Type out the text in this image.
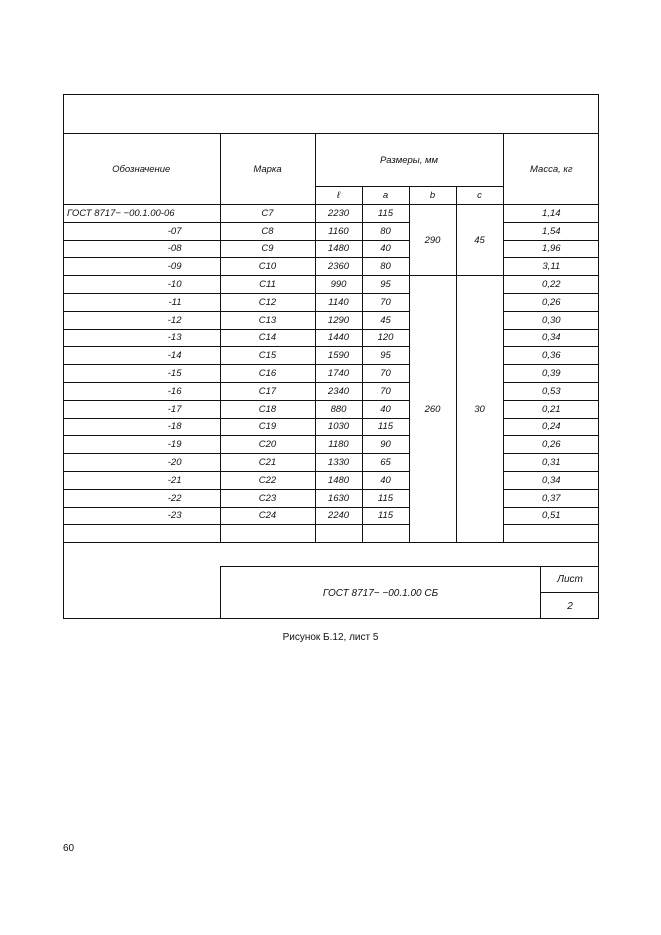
Обозначение	Марка	Размеры, мм				Масса, кг
		ℓ	a	b	c	
ГОСТ 8717− −00.1.00-06	С7	2230	115	290	45	1,14
-07	С8	1160	80			1,54
-08	С9	1480	40			1,96
-09	С10	2360	80			3,11
-10	С11	990	95	260	30	0,22
-11	С12	1140	70			0,26
-12	С13	1290	45			0,30
-13	С14	1440	120			0,34
-14	С15	1590	95			0,36
-15	С16	1740	70			0,39
-16	С17	2340	70			0,53
-17	С18	880	40			0,21
-18	С19	1030	115			0,24
-19	С20	1180	90			0,26
-20	С21	1330	65			0,31
-21	С22	1480	40			0,34
-22	С23	1630	115			0,37
-23	С24	2240	115			0,51

ГОСТ 8717− −00.1.00 СБ
Лист
2
Рисунок Б.12, лист 5
60
